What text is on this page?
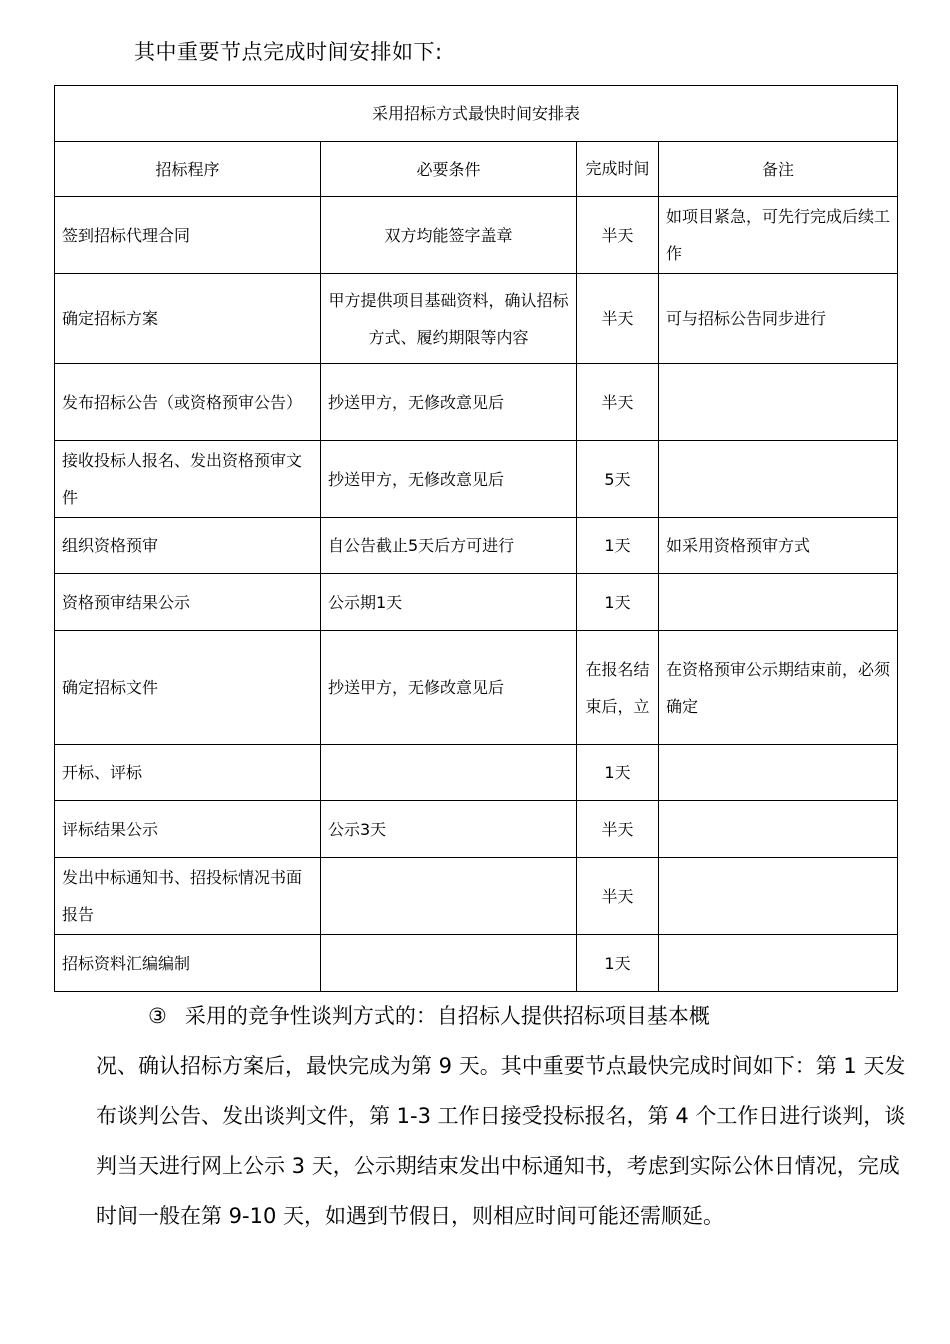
其中重要节点完成时间安排如下:
采用招标方式最快时间安排表			
招标程序	必要条件	完成时间	备注
签到招标代理合同	双方均能签字盖章	半天	如项目紧急，可先行完成后续工作
确定招标方案	甲方提供项目基础资料，确认招标方式、履约期限等内容	半天	可与招标公告同步进行
发布招标公告（或资格预审公告）	抄送甲方，无修改意见后	半天	
接收投标人报名、发出资格预审文件	抄送甲方，无修改意见后	5天	
组织资格预审	自公告截止5天后方可进行	1天	如采用资格预审方式
资格预审结果公示	公示期1天	1天	
确定招标文件	抄送甲方，无修改意见后	在报名结束后，立	在资格预审公示期结束前，必须确定
开标、评标		1天	
评标结果公示	公示3天	半天	
发出中标通知书、招投标情况书面报告		半天	
招标资料汇编编制		1天	
③ 采用的竞争性谈判方式的：自招标人提供招标项目基本概
况、确认招标方案后，最快完成为第 9 天。其中重要节点最快完成时间如下：第 1 天发布谈判公告、发出谈判文件，第 1-3 工作日接受投标报名，第 4 个工作日进行谈判，谈判当天进行网上公示 3 天，公示期结束发出中标通知书，考虑到实际公休日情况，完成时间一般在第 9-10 天，如遇到节假日，则相应时间可能还需顺延。
